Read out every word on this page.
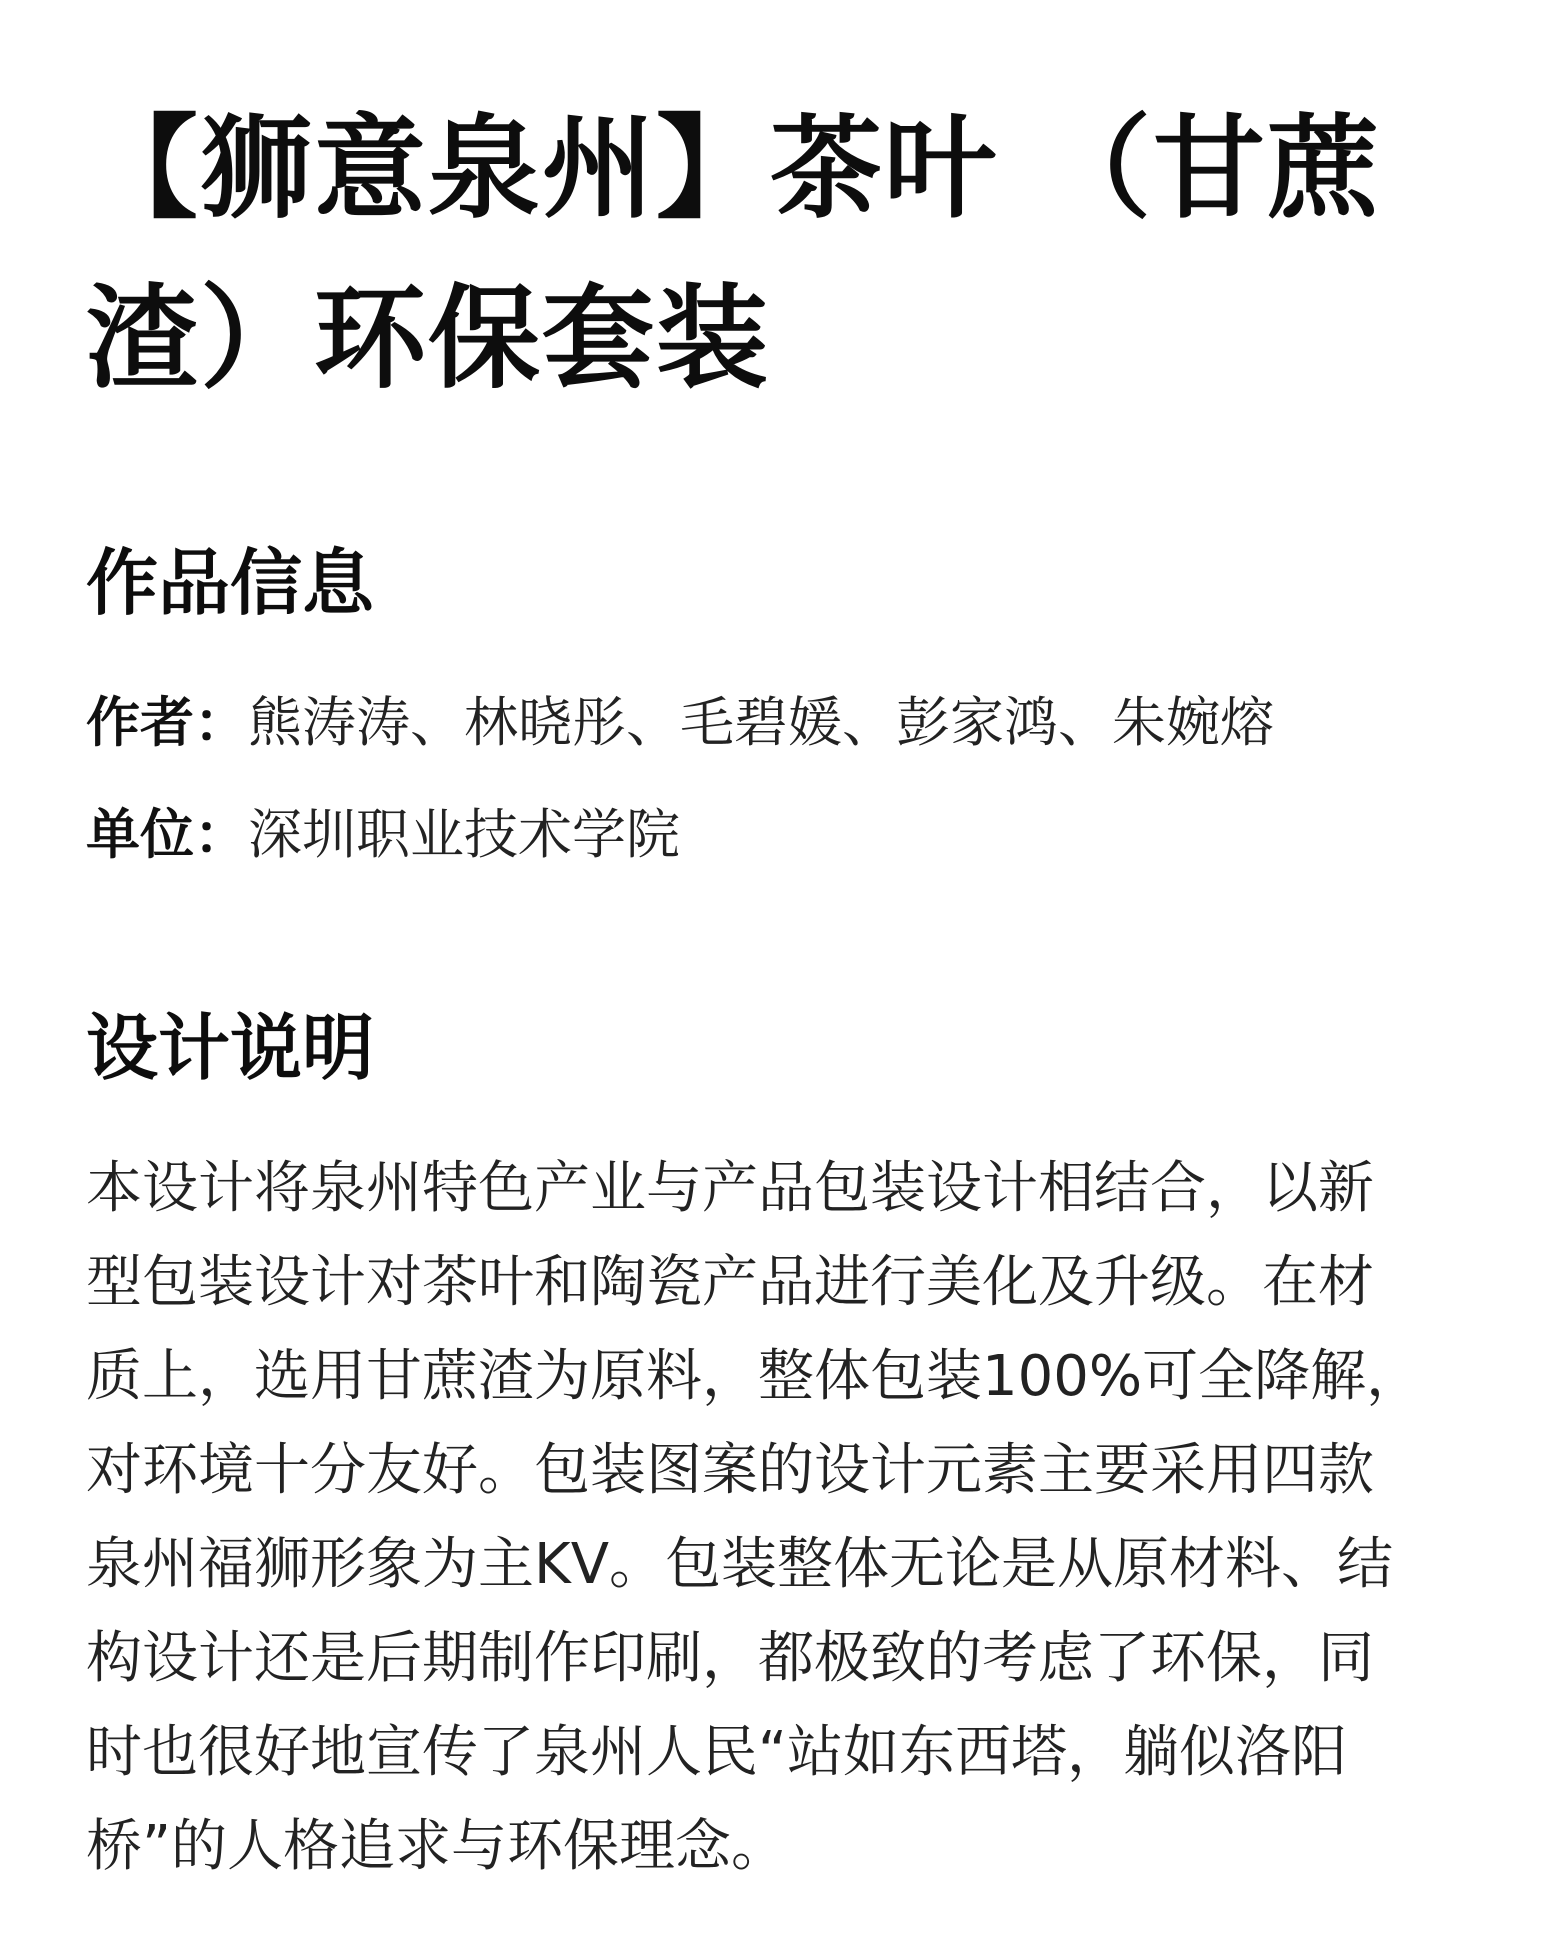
【狮意泉州】茶叶 （甘蔗
渣）环保套装
作品信息
作者：熊涛涛、林晓彤、毛碧媛、彭家鸿、朱婉熔
单位：深圳职业技术学院
设计说明

本设计将泉州特色产业与产品包装设计相结合，以新
型包装设计对茶叶和陶瓷产品进行美化及升级。在材
质上，选用甘蔗渣为原料，整体包装100%可全降解，
对环境十分友好。包装图案的设计元素主要采用四款
泉州福狮形象为主KV。包装整体无论是从原材料、结
构设计还是后期制作印刷，都极致的考虑了环保，同
时也很好地宣传了泉州人民“站如东西塔，躺似洛阳
桥”的人格追求与环保理念。
